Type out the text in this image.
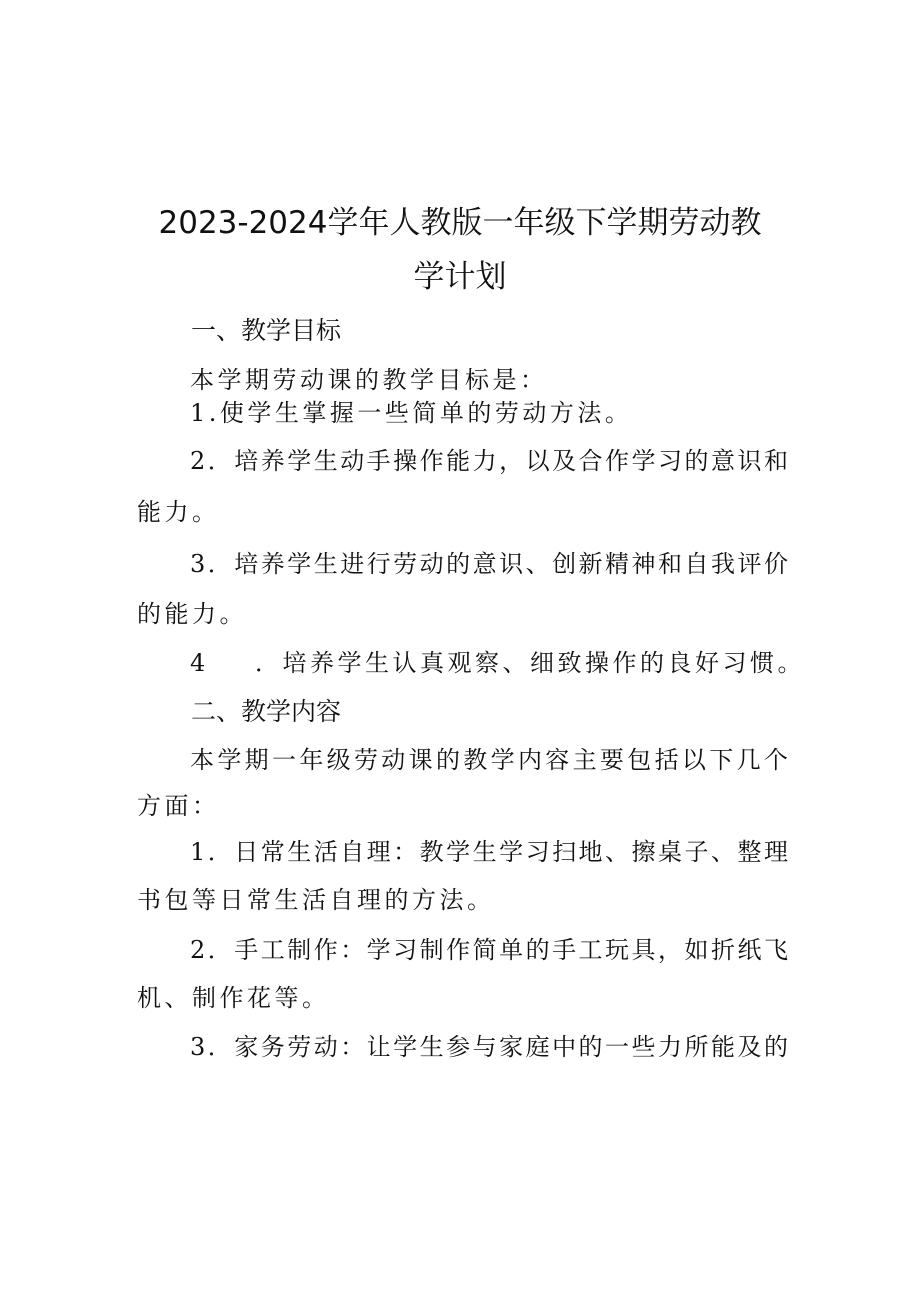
2023-2024学年人教版一年级下学期劳动教
学计划
一、教学目标
本学期劳动课的教学目标是：
1.使学生掌握一些简单的劳动方法。
2 ． 培 养 学 生 动 手 操 作 能 力 ， 以 及 合 作 学 习 的 意 识 和
能力。
3 ． 培 养 学 生 进 行 劳 动 的 意 识 、 创 新 精 神 和 自 我 评 价
的能力。
4 ．培养学生认真观察、细致操作的良好习惯。
二、教学内容
本 学 期 一 年 级 劳 动 课 的 教 学 内 容 主 要 包 括 以 下 几 个
方面：
1 ． 日 常 生 活 自 理 ： 教 学 生 学 习 扫 地 、 擦 桌 子 、 整 理
书包等日常生活自理的方法。
2 ． 手 工 制 作 ： 学 习 制 作 简 单 的 手 工 玩 具 ， 如 折 纸 飞
机、制作花等。
3 ． 家 务 劳 动 ： 让 学 生 参 与 家 庭 中 的 一 些 力 所 能 及 的
